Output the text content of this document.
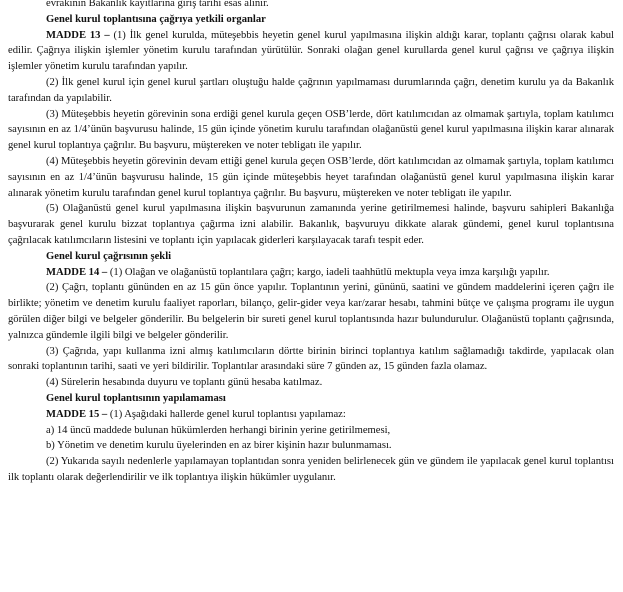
evrakının Bakanlık kayıtlarına giriş tarihi esas alınır.

Genel kurul toplantısına çağrıya yetkili organlar

MADDE 13 – (1) İlk genel kurulda, müteşebbis heyetin genel kurul yapılmasına ilişkin aldığı karar, toplantı çağrısı olarak kabul edilir. Çağrıya ilişkin işlemler yönetim kurulu tarafından yürütülür. Sonraki olağan genel kurullarda genel kurul çağrısı ve çağrıya ilişkin işlemler yönetim kurulu tarafından yapılır.

(2) İlk genel kurul için genel kurul şartları oluştuğu halde çağrının yapılmaması durumlarında çağrı, denetim kurulu ya da Bakanlık tarafından da yapılabilir.

(3) Müteşebbis heyetin görevinin sona erdiği genel kurula geçen OSB’lerde, dört katılımcıdan az olmamak şartıyla, toplam katılımcı sayısının en az 1/4’ünün başvurusu halinde, 15 gün içinde yönetim kurulu tarafından olağanüstü genel kurul yapılmasına ilişkin karar alınarak genel kurul toplantıya çağrılır. Bu başvuru, müştereken ve noter tebligatı ile yapılır.

(4) Müteşebbis heyetin görevinin devam ettiği genel kurula geçen OSB’lerde, dört katılımcıdan az olmamak şartıyla, toplam katılımcı sayısının en az 1/4’ünün başvurusu halinde, 15 gün içinde müteşebbis heyet tarafından olağanüstü genel kurul yapılmasına ilişkin karar alınarak yönetim kurulu tarafından genel kurul toplantıya çağrılır. Bu başvuru, müştereken ve noter tebligatı ile yapılır.

(5) Olağanüstü genel kurul yapılmasına ilişkin başvurunun zamanında yerine getirilmemesi halinde, başvuru sahipleri Bakanlığa başvurarak genel kurulu bizzat toplantıya çağırma izni alabilir. Bakanlık, başvuruyu dikkate alarak gündemi, genel kurul toplantısına çağrılacak katılımcıların listesini ve toplantı için yapılacak giderleri karşılayacak tarafı tespit eder.

Genel kurul çağrısının şekli

MADDE 14 – (1) Olağan ve olağanüstü toplantılara çağrı; kargo, iadeli taahhütlü mektupla veya imza karşılığı yapılır.

(2) Çağrı, toplantı gününden en az 15 gün önce yapılır. Toplantının yerini, gününü, saatini ve gündem maddelerini içeren çağrı ile birlikte; yönetim ve denetim kurulu faaliyet raporları, bilanço, gelir-gider veya kar/zarar hesabı, tahmini bütçe ve çalışma programı ile uygun görülen diğer bilgi ve belgeler gönderilir. Bu belgelerin bir sureti genel kurul toplantısında hazır bulundurulur. Olağanüstü toplantı çağrısında, yalnızca gündemle ilgili bilgi ve belgeler gönderilir.

(3) Çağrıda, yapı kullanma izni almış katılımcıların dörtte birinin birinci toplantıya katılım sağlamadığı takdirde, yapılacak olan sonraki toplantının tarihi, saati ve yeri bildirilir. Toplantılar arasındaki süre 7 günden az, 15 günden fazla olamaz.

(4) Sürelerin hesabında duyuru ve toplantı günü hesaba katılmaz.

Genel kurul toplantısının yapılamaması

MADDE 15 – (1) Aşağıdaki hallerde genel kurul toplantısı yapılamaz:

a) 14 üncü maddede bulunan hükümlerden herhangi birinin yerine getirilmemesi,

b) Yönetim ve denetim kurulu üyelerinden en az birer kişinin hazır bulunmaması.

(2) Yukarıda sayılı nedenlerle yapılamayan toplantıdan sonra yeniden belirlenecek gün ve gündem ile yapılacak genel kurul toplantısı ilk toplantı olarak değerlendirilir ve ilk toplantıya ilişkin hükümler uygulanır.
